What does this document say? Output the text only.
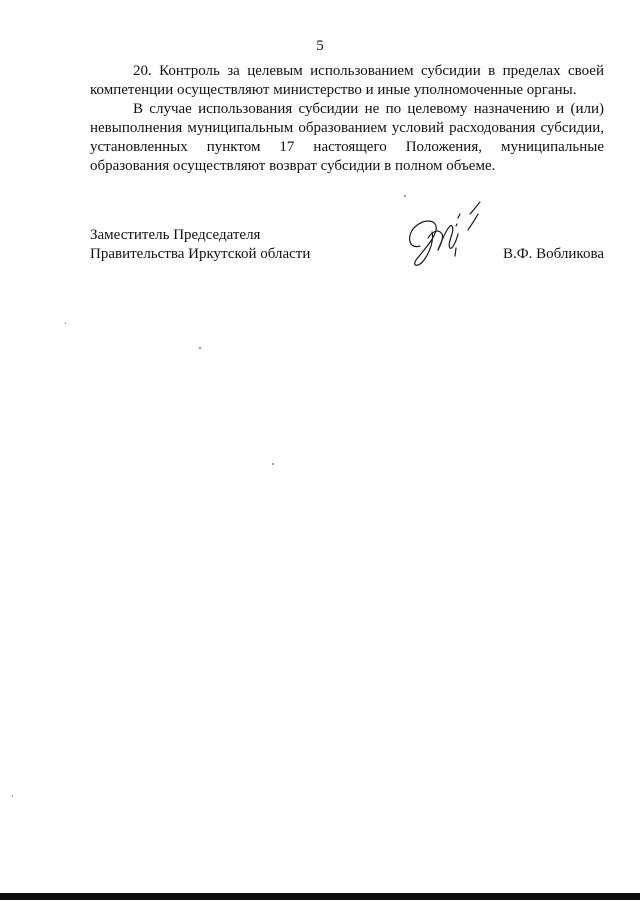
5

20. Контроль за целевым использованием субсидии в пределах своей компетенции осуществляют министерство и иные уполномоченные органы.

В случае использования субсидии не по целевому назначению и (или) невыполнения муниципальным образованием условий расходования субсидии, установленных пунктом 17 настоящего Положения, муниципальные образования осуществляют возврат субсидии в полном объеме.

Заместитель Председателя
Правительства Иркутской области	В.Ф. Вобликова
